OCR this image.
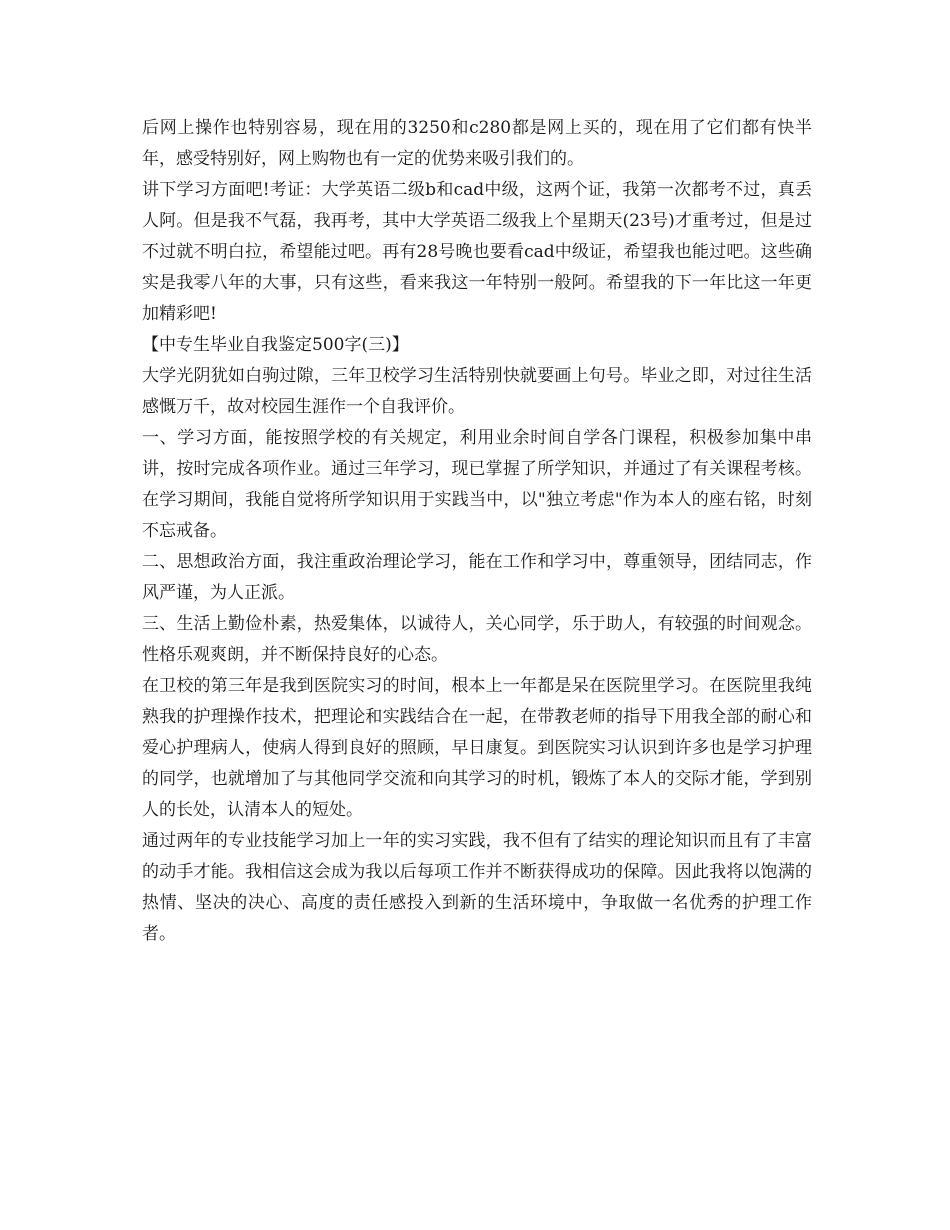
后网上操作也特别容易，现在用的3250和c280都是网上买的，现在用了它们都有快半年，感受特别好，网上购物也有一定的优势来吸引我们的。

讲下学习方面吧!考证：大学英语二级b和cad中级，这两个证，我第一次都考不过，真丢人阿。但是我不气磊，我再考，其中大学英语二级我上个星期天(23号)才重考过，但是过不过就不明白拉，希望能过吧。再有28号晚也要看cad中级证，希望我也能过吧。这些确实是我零八年的大事，只有这些，看来我这一年特别一般阿。希望我的下一年比这一年更加精彩吧!

【中专生毕业自我鉴定500字(三)】

大学光阴犹如白驹过隙，三年卫校学习生活特别快就要画上句号。毕业之即，对过往生活感慨万千，故对校园生涯作一个自我评价。

一、学习方面，能按照学校的有关规定，利用业余时间自学各门课程，积极参加集中串讲，按时完成各项作业。通过三年学习，现已掌握了所学知识，并通过了有关课程考核。在学习期间，我能自觉将所学知识用于实践当中，以"独立考虑"作为本人的座右铭，时刻不忘戒备。

二、思想政治方面，我注重政治理论学习，能在工作和学习中，尊重领导，团结同志，作风严谨，为人正派。

三、生活上勤俭朴素，热爱集体，以诚待人，关心同学，乐于助人，有较强的时间观念。性格乐观爽朗，并不断保持良好的心态。

在卫校的第三年是我到医院实习的时间，根本上一年都是呆在医院里学习。在医院里我纯熟我的护理操作技术，把理论和实践结合在一起，在带教老师的指导下用我全部的耐心和爱心护理病人，使病人得到良好的照顾，早日康复。到医院实习认识到许多也是学习护理的同学，也就增加了与其他同学交流和向其学习的时机，锻炼了本人的交际才能，学到别人的长处，认清本人的短处。

通过两年的专业技能学习加上一年的实习实践，我不但有了结实的理论知识而且有了丰富的动手才能。我相信这会成为我以后每项工作并不断获得成功的保障。因此我将以饱满的热情、坚决的决心、高度的责任感投入到新的生活环境中，争取做一名优秀的护理工作者。
